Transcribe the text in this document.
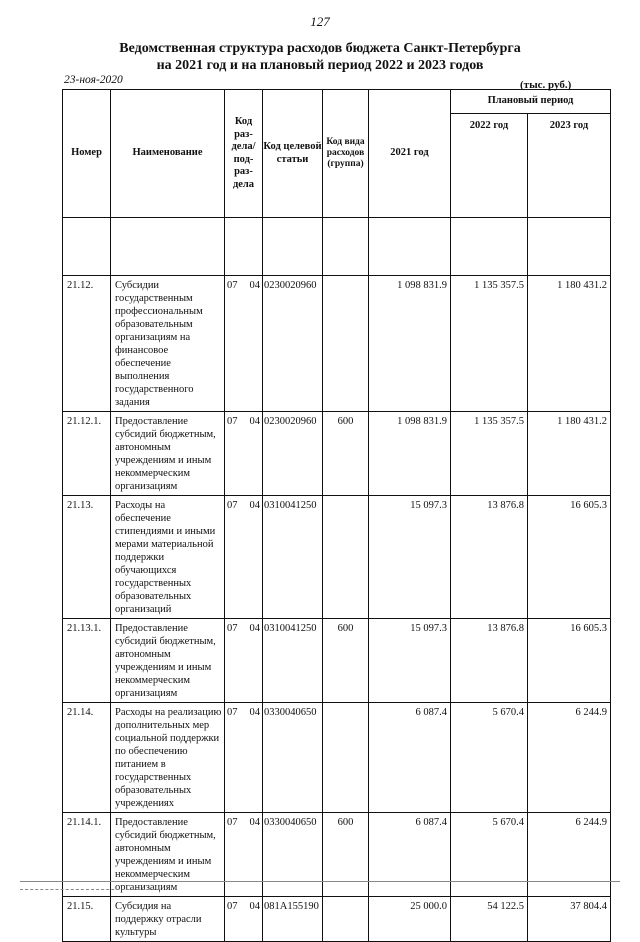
127
Ведомственная структура расходов бюджета Санкт-Петербурга
на 2021 год и на плановый период 2022 и 2023 годов
23-ноя-2020	(тыс. руб.)
Номер	Наименование	Код раз-дела/ под-раз-дела	Код целевой статьи	Код вида расходов (группа)	2021 год	Плановый период	
						2022 год	2023 год

21.12.	Субсидии государственным профессиональным образовательным организациям на финансовое обеспечение выполнения государственного задания	07 04	0230020960		1 098 831.9	1 135 357.5	1 180 431.2
21.12.1.	Предоставление субсидий бюджетным, автономным учреждениям и иным некоммерческим организациям	07 04	0230020960	600	1 098 831.9	1 135 357.5	1 180 431.2
21.13.	Расходы на обеспечение стипендиями и иными мерами материальной поддержки обучающихся государственных образовательных организаций	07 04	0310041250		15 097.3	13 876.8	16 605.3
21.13.1.	Предоставление субсидий бюджетным, автономным учреждениям и иным некоммерческим организациям	07 04	0310041250	600	15 097.3	13 876.8	16 605.3
21.14.	Расходы на реализацию дополнительных мер социальной поддержки по обеспечению питанием в государственных образовательных учреждениях	07 04	0330040650		6 087.4	5 670.4	6 244.9
21.14.1.	Предоставление субсидий бюджетным, автономным учреждениям и иным некоммерческим организациям	07 04	0330040650	600	6 087.4	5 670.4	6 244.9
21.15.	Субсидия на поддержку отрасли культуры	07 04	081A155190		25 000.0	54 122.5	37 804.4
